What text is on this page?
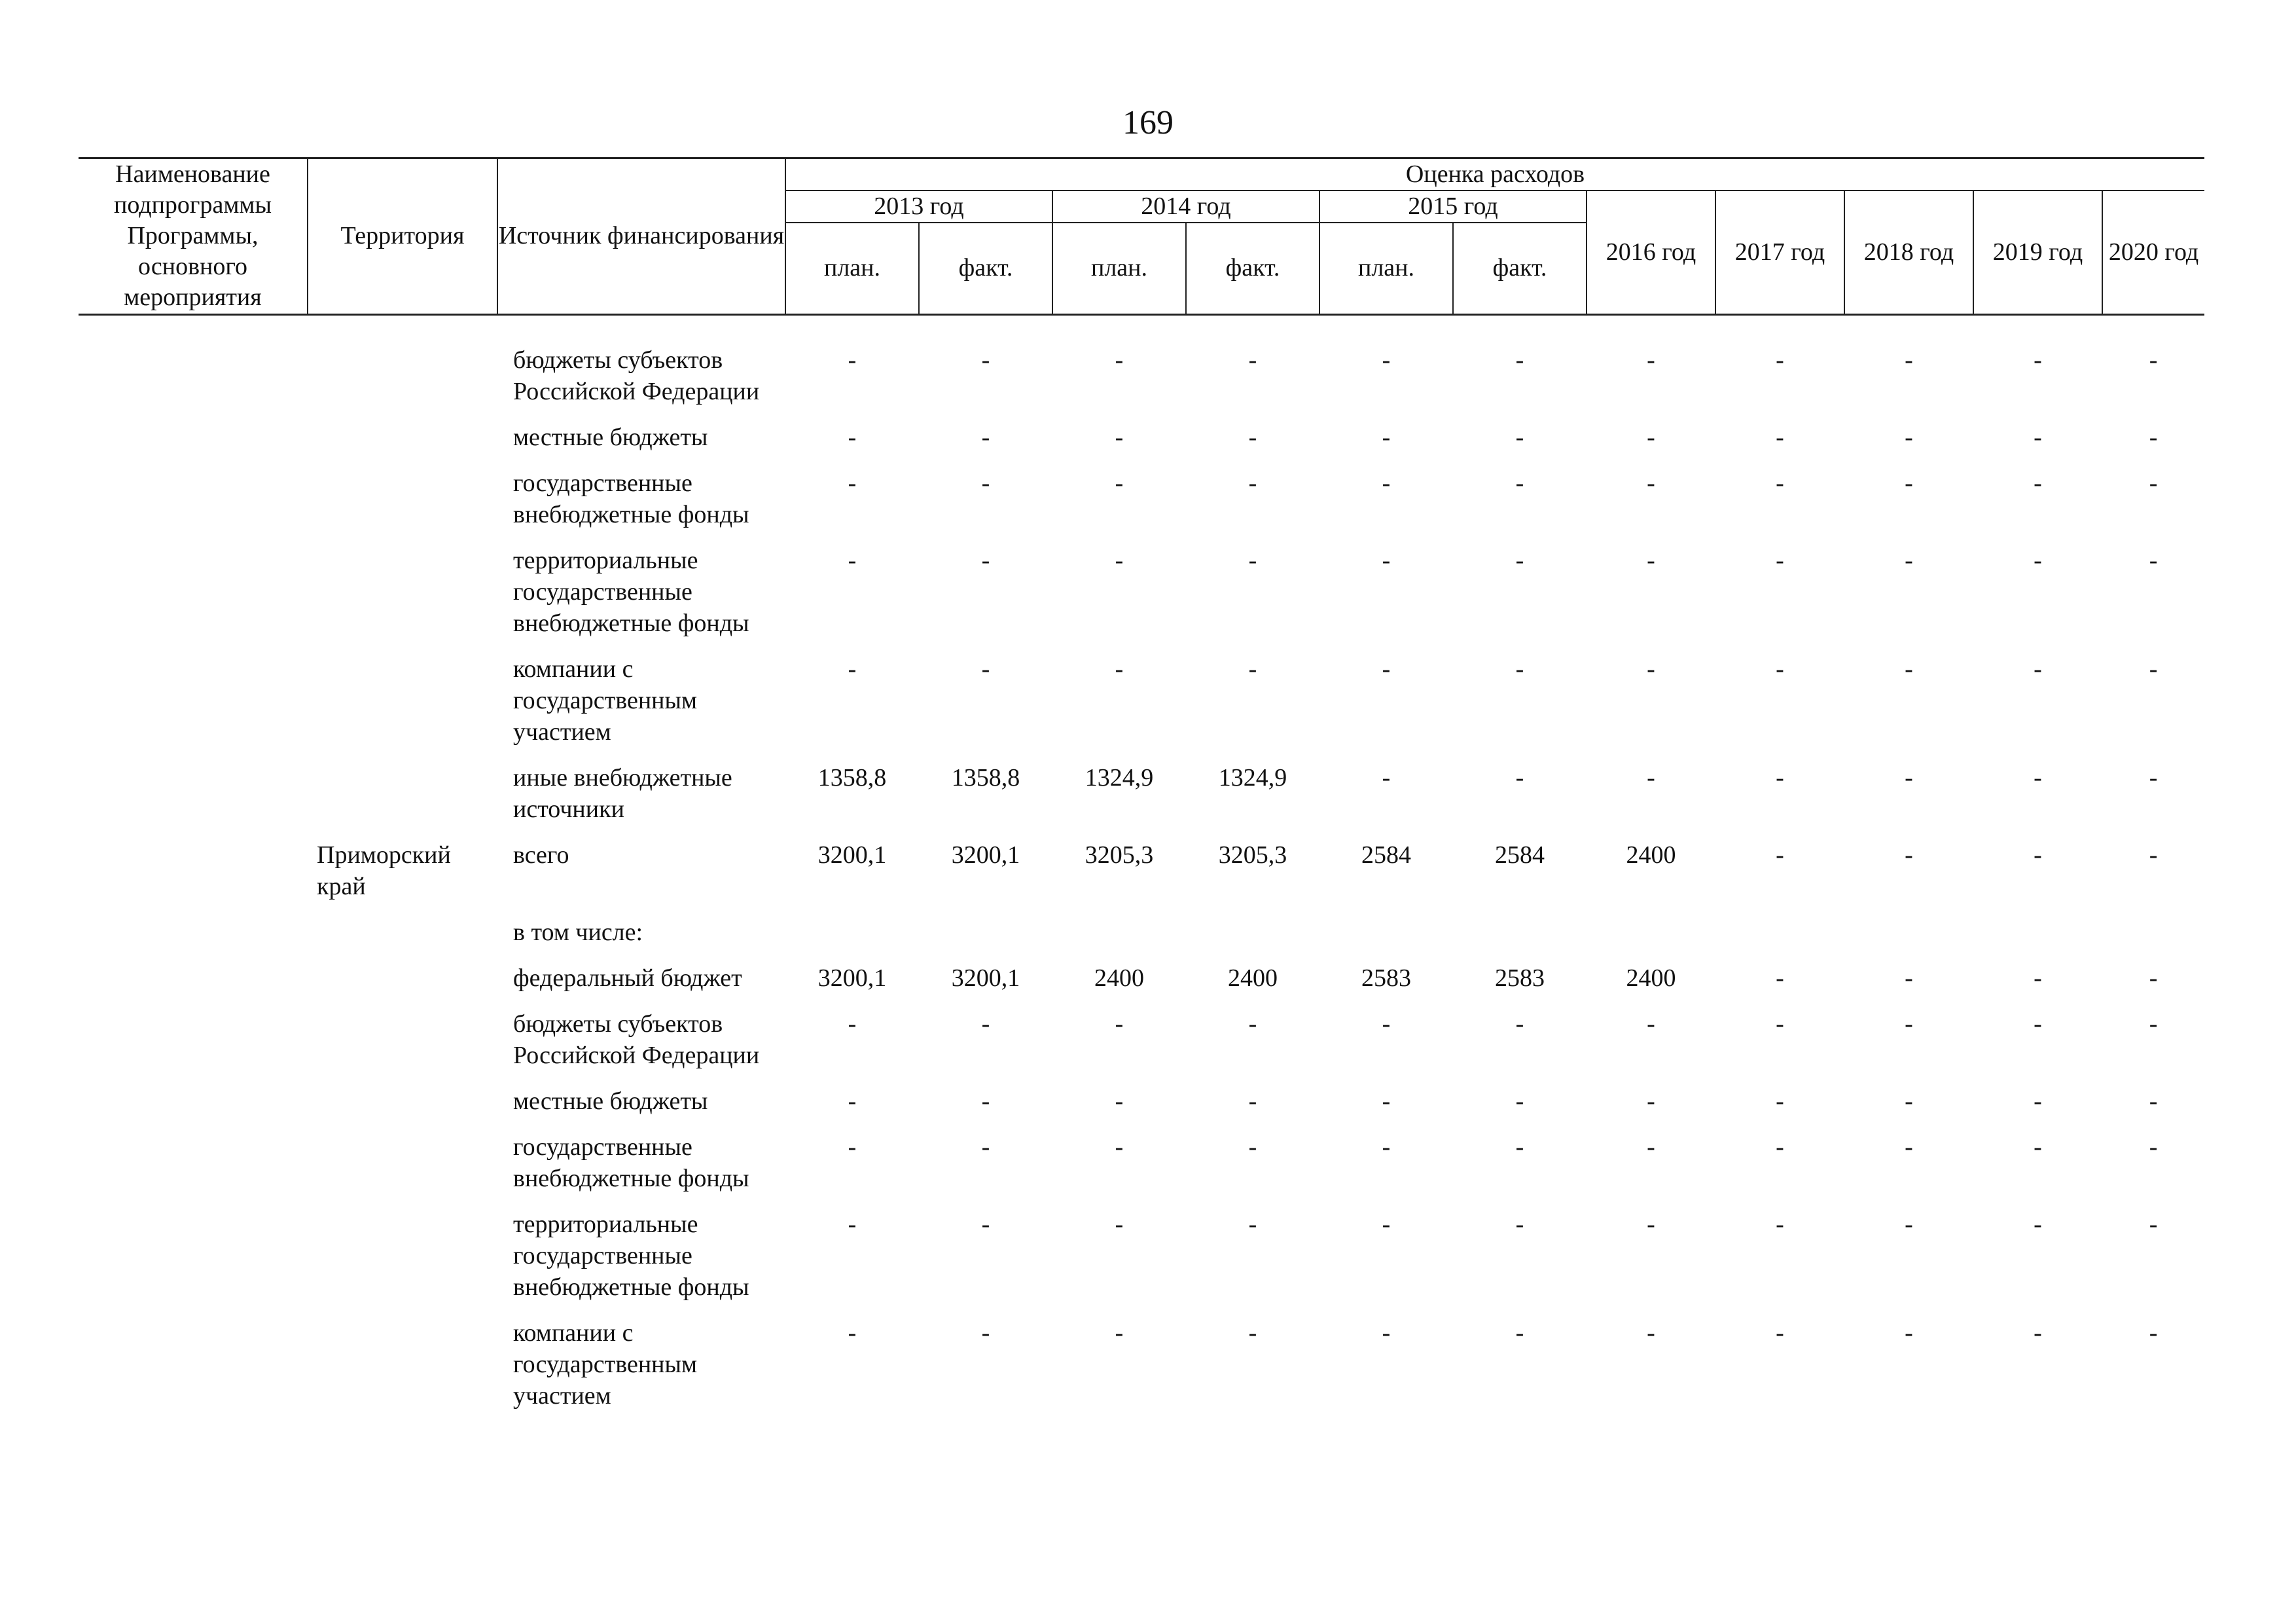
169
Наименование подпрограммы Программы, основного мероприятия	Территория	Источник финансирования	Оценка расходов										
			2013 год		2014 год		2015 год		2016 год	2017 год	2018 год	2019 год	2020 год
			план.	факт.	план.	факт.	план.	факт.					
		бюджеты субъектов Российской Федерации	-	-	-	-	-	-	-	-	-	-	-
		местные бюджеты	-	-	-	-	-	-	-	-	-	-	-
		государственные внебюджетные фонды	-	-	-	-	-	-	-	-	-	-	-
		территориальные государственные внебюджетные фонды	-	-	-	-	-	-	-	-	-	-	-
		компании с государственным участием	-	-	-	-	-	-	-	-	-	-	-
		иные внебюджетные источники	1358,8	1358,8	1324,9	1324,9	-	-	-	-	-	-	-
	Приморский край	всего	3200,1	3200,1	3205,3	3205,3	2584	2584	2400	-	-	-	-
		в том числе:											
		федеральный бюджет	3200,1	3200,1	2400	2400	2583	2583	2400	-	-	-	-
		бюджеты субъектов Российской Федерации	-	-	-	-	-	-	-	-	-	-	-
		местные бюджеты	-	-	-	-	-	-	-	-	-	-	-
		государственные внебюджетные фонды	-	-	-	-	-	-	-	-	-	-	-
		территориальные государственные внебюджетные фонды	-	-	-	-	-	-	-	-	-	-	-
		компании с государственным участием	-	-	-	-	-	-	-	-	-	-	-
